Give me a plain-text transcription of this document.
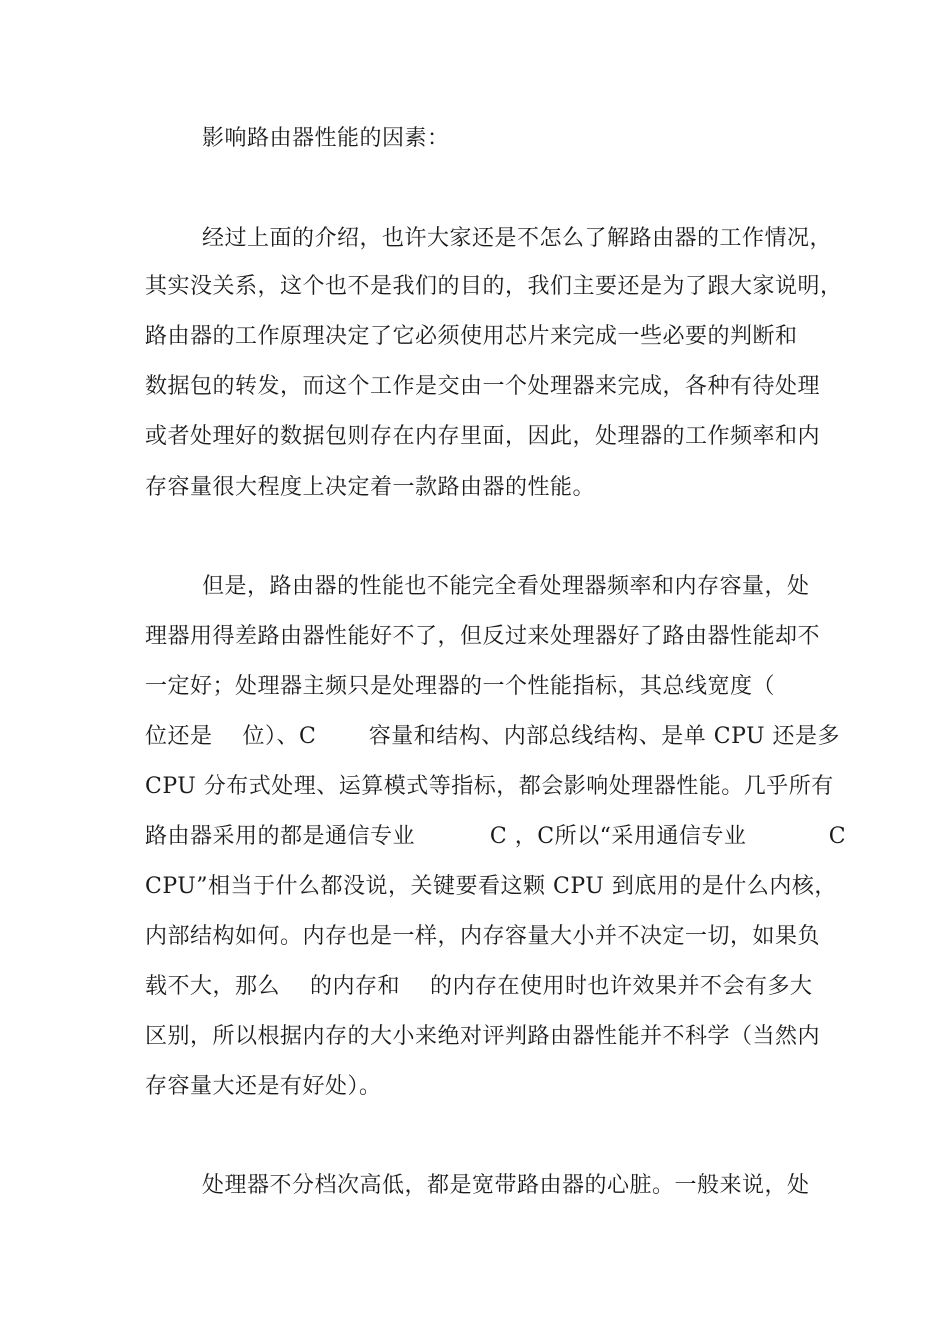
影响路由器性能的因素：
经过上面的介绍，也许大家还是不怎么了解路由器的工作情况，
其实没关系，这个也不是我们的目的，我们主要还是为了跟大家说明，
路由器的工作原理决定了它必须使用芯片来完成一些必要的判断和
数据包的转发，而这个工作是交由一个处理器来完成，各种有待处理
或者处理好的数据包则存在内存里面，因此，处理器的工作频率和内
存容量很大程度上决定着一款路由器的性能。
但是，路由器的性能也不能完全看处理器频率和内存容量，处
理器用得差路由器性能好不了，但反过来处理器好了路由器性能却不
一定好；处理器主频只是处理器的一个性能指标，其总线宽度（
位还是    位）、C       容量和结构、内部总线结构、是单 CPU 还是多
CPU 分布式处理、运算模式等指标，都会影响处理器性能。几乎所有
路由器采用的都是通信专业          C ，C所以“采用通信专业           C
CPU”相当于什么都没说，关键要看这颗 CPU 到底用的是什么内核，
内部结构如何。内存也是一样，内存容量大小并不决定一切，如果负
载不大，那么    的内存和    的内存在使用时也许效果并不会有多大
区别，所以根据内存的大小来绝对评判路由器性能并不科学（当然内
存容量大还是有好处）。
处理器不分档次高低，都是宽带路由器的心脏。一般来说，处
